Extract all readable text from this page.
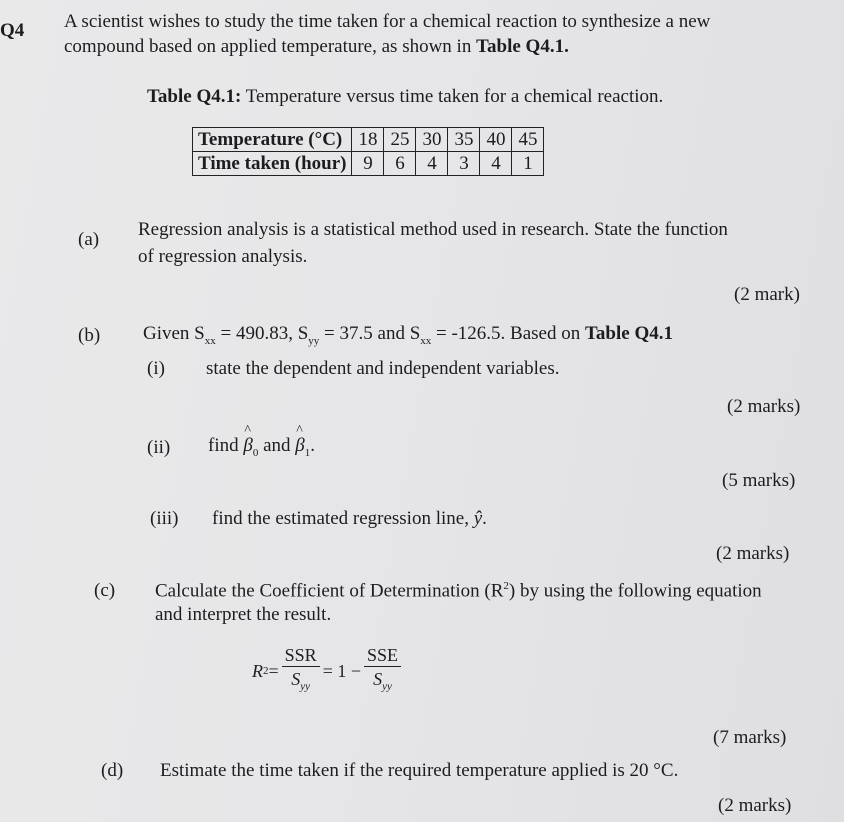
Q4 A scientist wishes to study the time taken for a chemical reaction to synthesize a new
compound based on applied temperature, as shown in Table Q4.1.
Table Q4.1: Temperature versus time taken for a chemical reaction.
Temperature (°C)	18	25	30	35	40	45
Time taken (hour)	9	6	4	3	4	1
(a) Regression analysis is a statistical method used in research. State the function
of regression analysis.
(2 mark)
(b) Given $S_{xx} = 490.83$, $S_{yy} = 37.5$ and $S_{xx} = -126.5$. Based on Table Q4.1
(i) state the dependent and independent variables.
(2 marks)
(ii) find ^ $\beta_0$ and ^ $\beta_1$.
(5 marks)
(iii) find the estimated regression line, ŷ.
(2 marks)
(c) Calculate the Coefficient of Determination $(R^2)$ by using the following equation
and interpret the result.
R $2 = \frac{\text{SSR}}{S_{yy}} = 1 - \frac{\text{SSE}}{S_{yy}}$
(7 marks)
(d) Estimate the time taken if the required temperature applied is 20 °C.
(2 marks)
